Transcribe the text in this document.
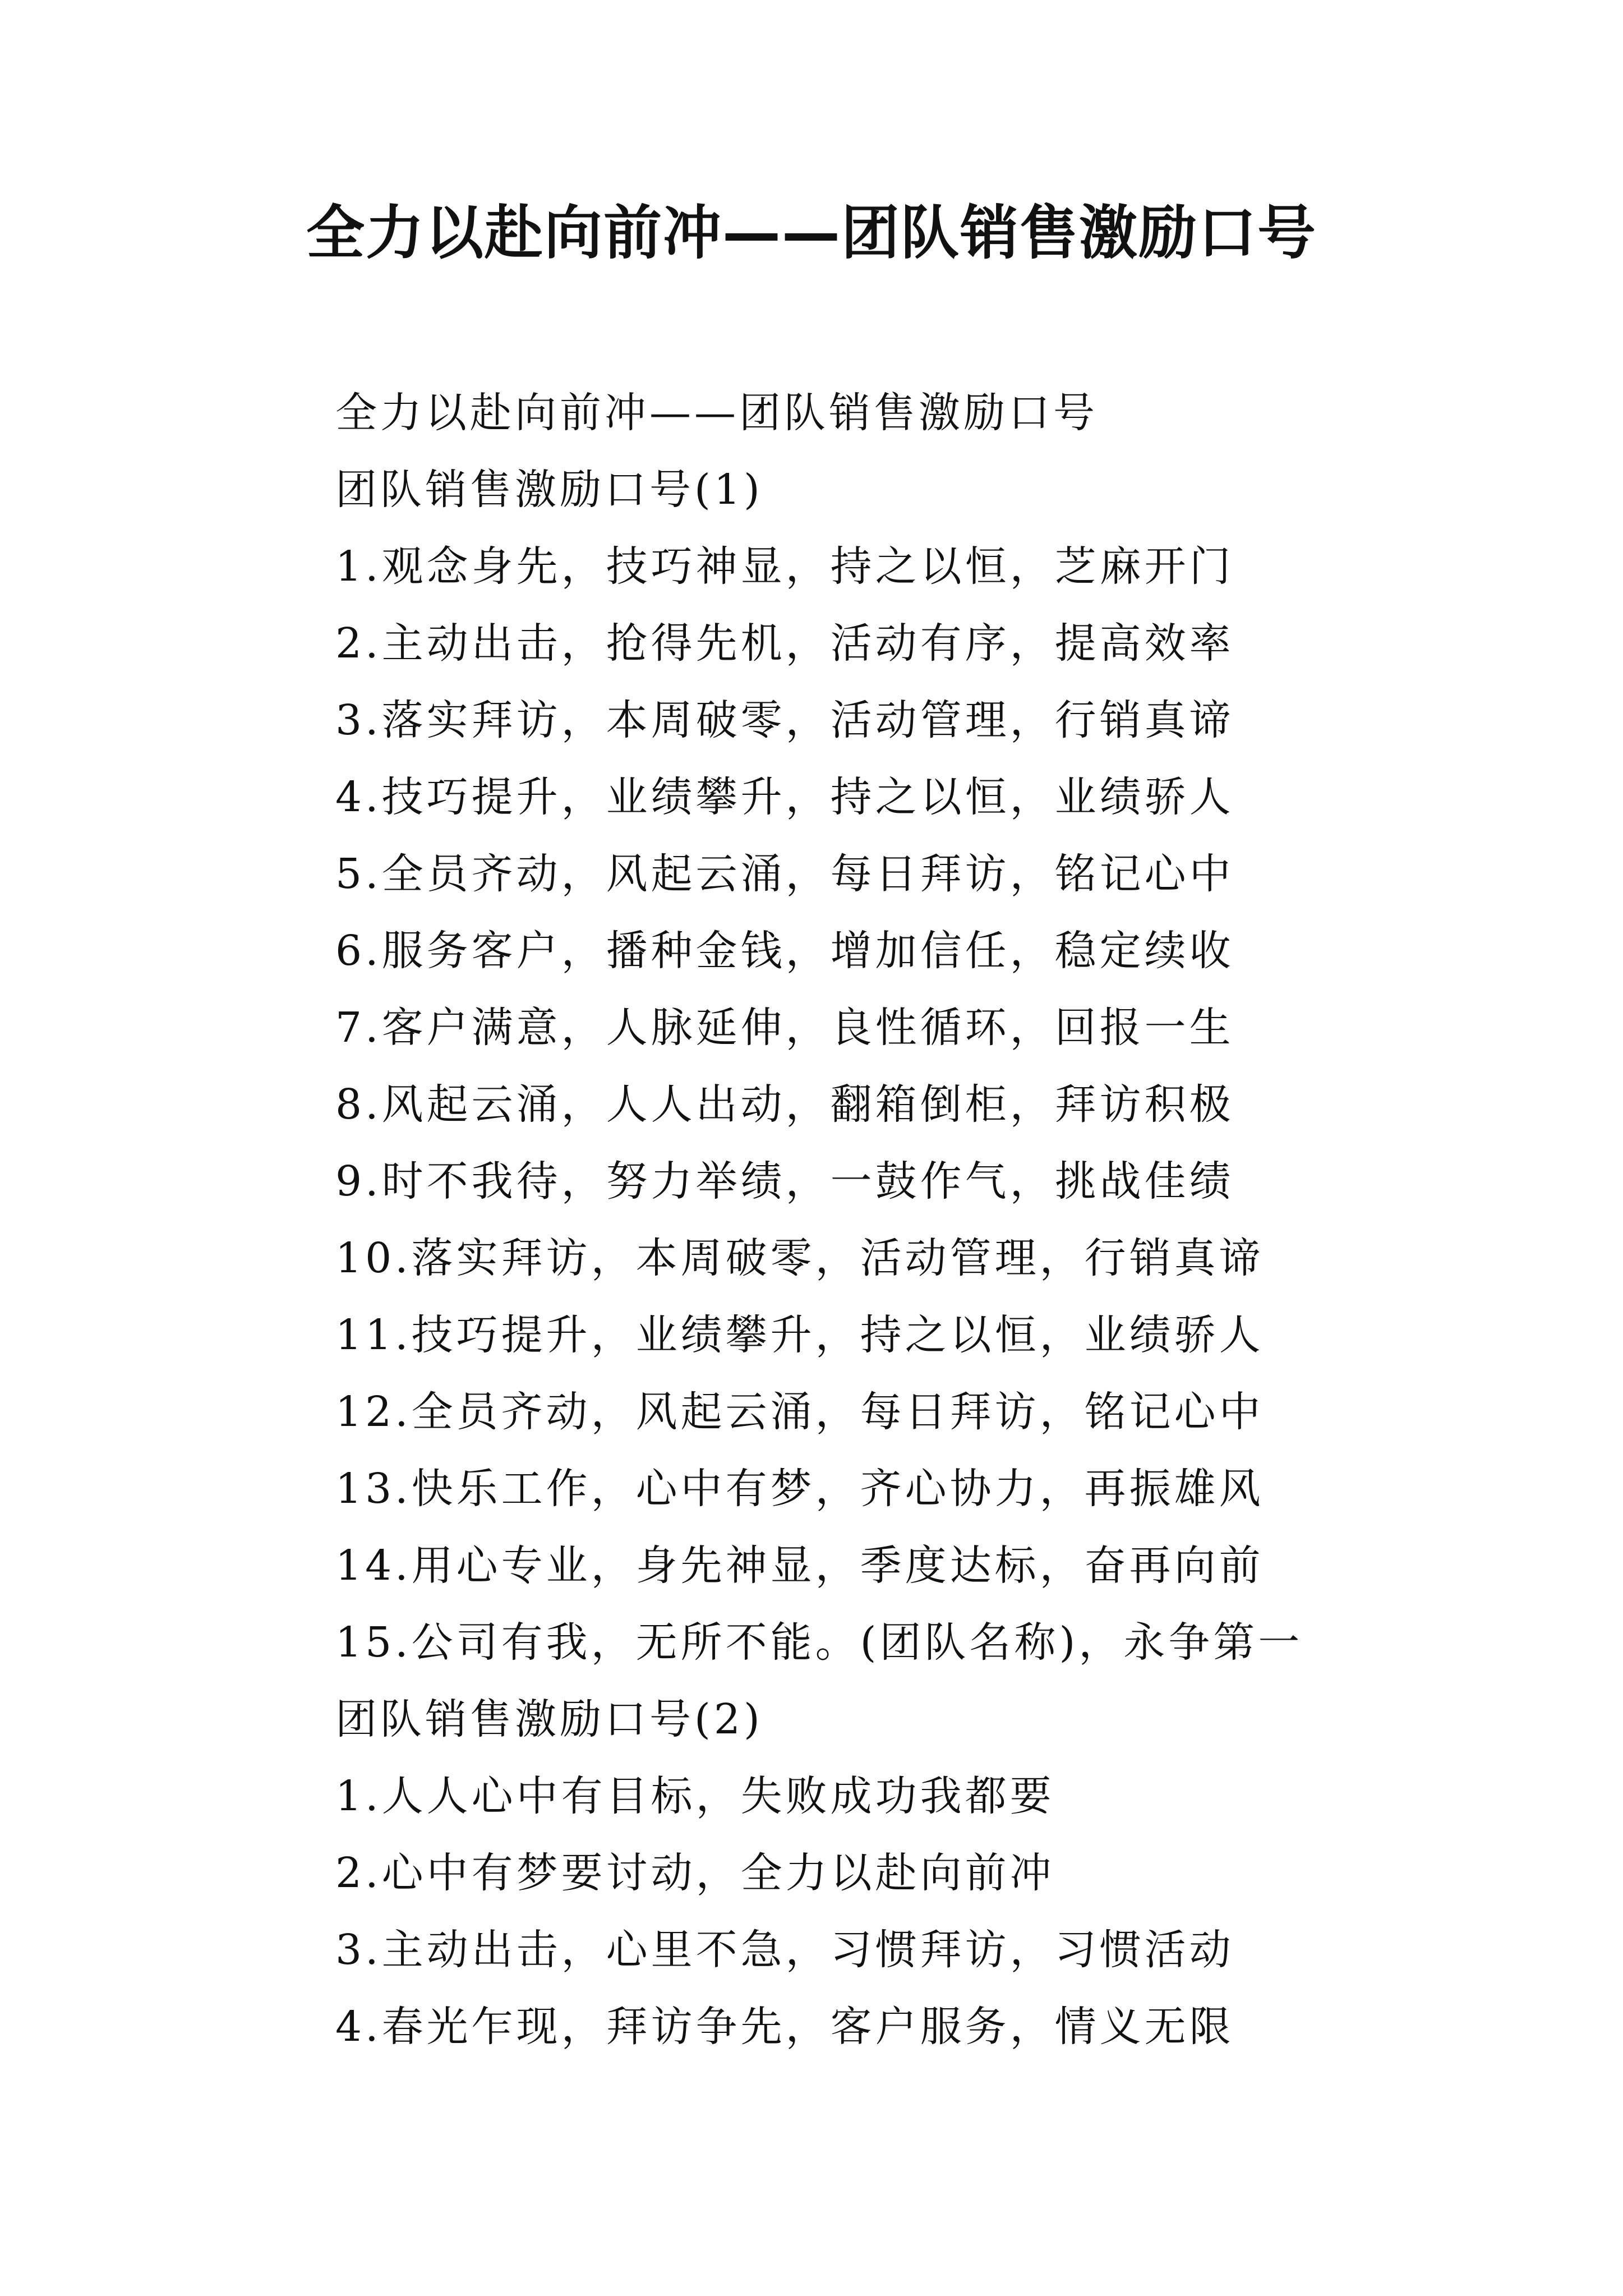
全力以赴向前冲——团队销售激励口号
全力以赴向前冲——团队销售激励口号
团队销售激励口号(1)
1.观念身先，技巧神显，持之以恒，芝麻开门
2.主动出击，抢得先机，活动有序，提高效率
3.落实拜访，本周破零，活动管理，行销真谛
4.技巧提升，业绩攀升，持之以恒，业绩骄人
5.全员齐动，风起云涌，每日拜访，铭记心中
6.服务客户，播种金钱，增加信任，稳定续收
7.客户满意，人脉延伸，良性循环，回报一生
8.风起云涌，人人出动，翻箱倒柜，拜访积极
9.时不我待，努力举绩，一鼓作气，挑战佳绩
10.落实拜访，本周破零，活动管理，行销真谛
11.技巧提升，业绩攀升，持之以恒，业绩骄人
12.全员齐动，风起云涌，每日拜访，铭记心中
13.快乐工作，心中有梦，齐心协力，再振雄风
14.用心专业，身先神显，季度达标，奋再向前
15.公司有我，无所不能。(团队名称)，永争第一
团队销售激励口号(2)
1.人人心中有目标，失败成功我都要
2.心中有梦要讨动，全力以赴向前冲
3.主动出击，心里不急，习惯拜访，习惯活动
4.春光乍现，拜访争先，客户服务，情义无限
